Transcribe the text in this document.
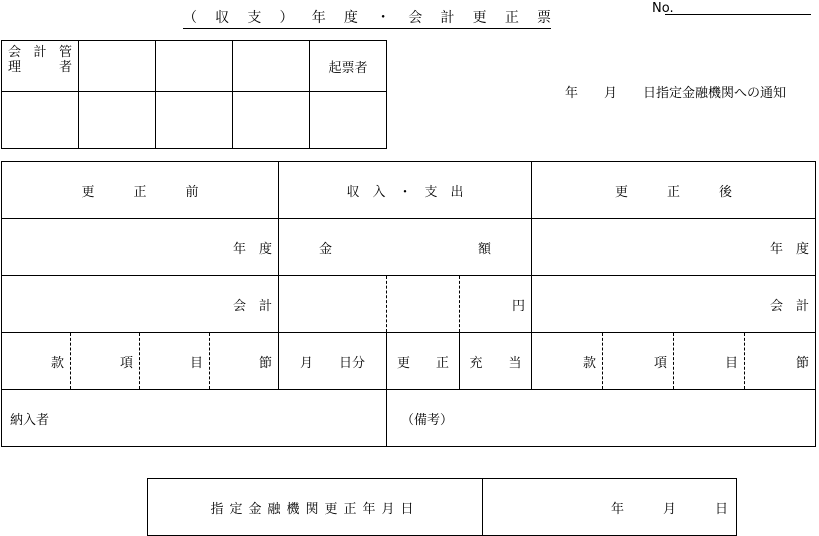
（収支）年度・会計更正票
No.
会計管
理　者				起票者

年　　月　　日指定金融機関への通知
更　　　正　　　前				収　入　・　支　出			更　　　正　　　後			
年　度				金 額			年　度			
会　計						円	会　計			
款	項	目	節	月　　日分	更　　正	充　　当	款	項	目	節
納入者					（備考）					
指定金融機関更正年月日	年　　　月　　　日
